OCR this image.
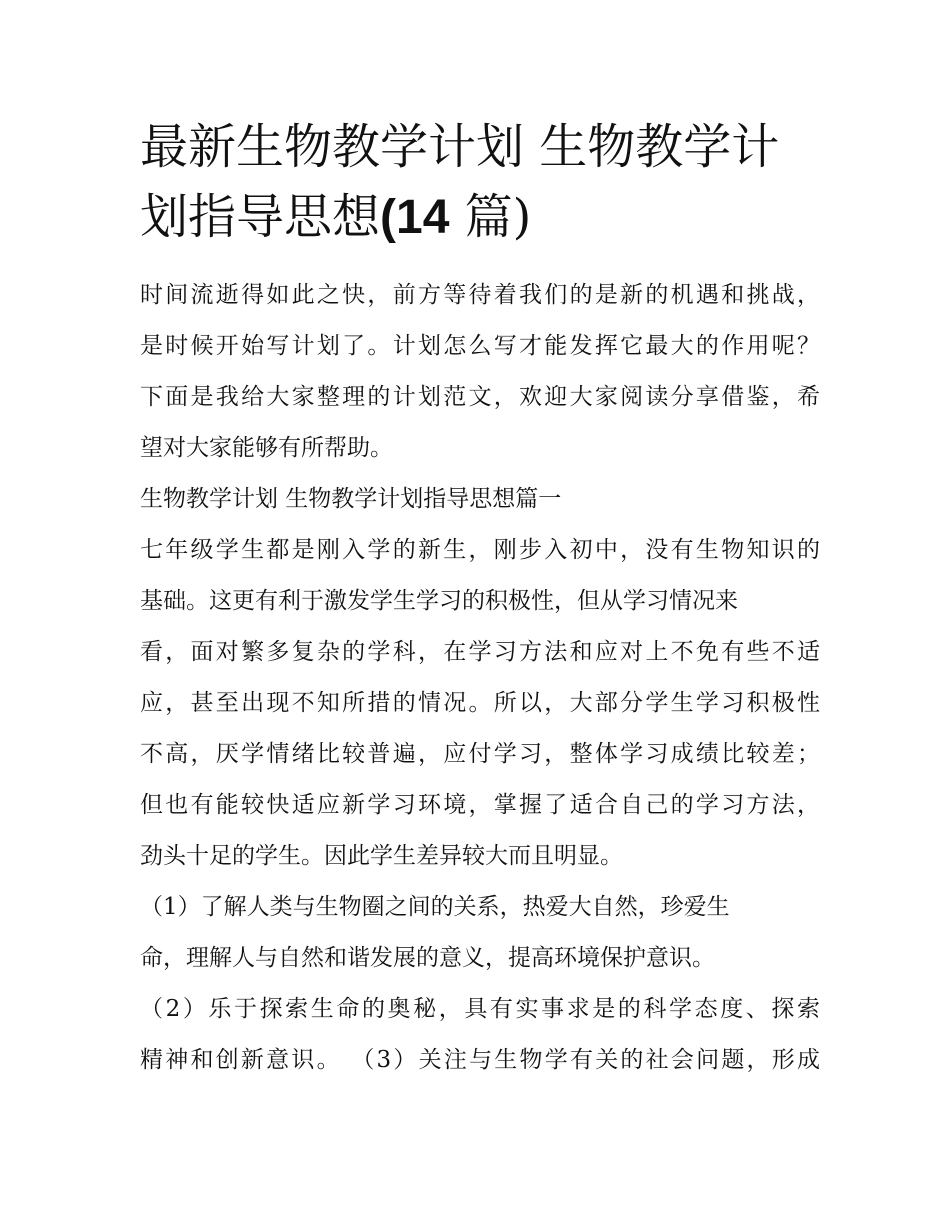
最新生物教学计划 生物教学计
划指导思想(14 篇)

时间流逝得如此之快，前方等待着我们的是新的机遇和挑战，

是时候开始写计划了。计划怎么写才能发挥它最大的作用呢？

下面是我给大家整理的计划范文，欢迎大家阅读分享借鉴，希

望对大家能够有所帮助。

生物教学计划 生物教学计划指导思想篇一

七年级学生都是刚入学的新生，刚步入初中，没有生物知识的

基础。这更有利于激发学生学习的积极性，但从学习情况来

看，面对繁多复杂的学科，在学习方法和应对上不免有些不适

应，甚至出现不知所措的情况。所以，大部分学生学习积极性

不高，厌学情绪比较普遍，应付学习，整体学习成绩比较差；

但也有能较快适应新学习环境，掌握了适合自己的学习方法，

劲头十足的学生。因此学生差异较大而且明显。

（1）了解人类与生物圈之间的关系，热爱大自然，珍爱生

命，理解人与自然和谐发展的意义，提高环境保护意识。

（2）乐于探索生命的奥秘，具有实事求是的科学态度、探索

精神和创新意识。 （3）关注与生物学有关的社会问题，形成
